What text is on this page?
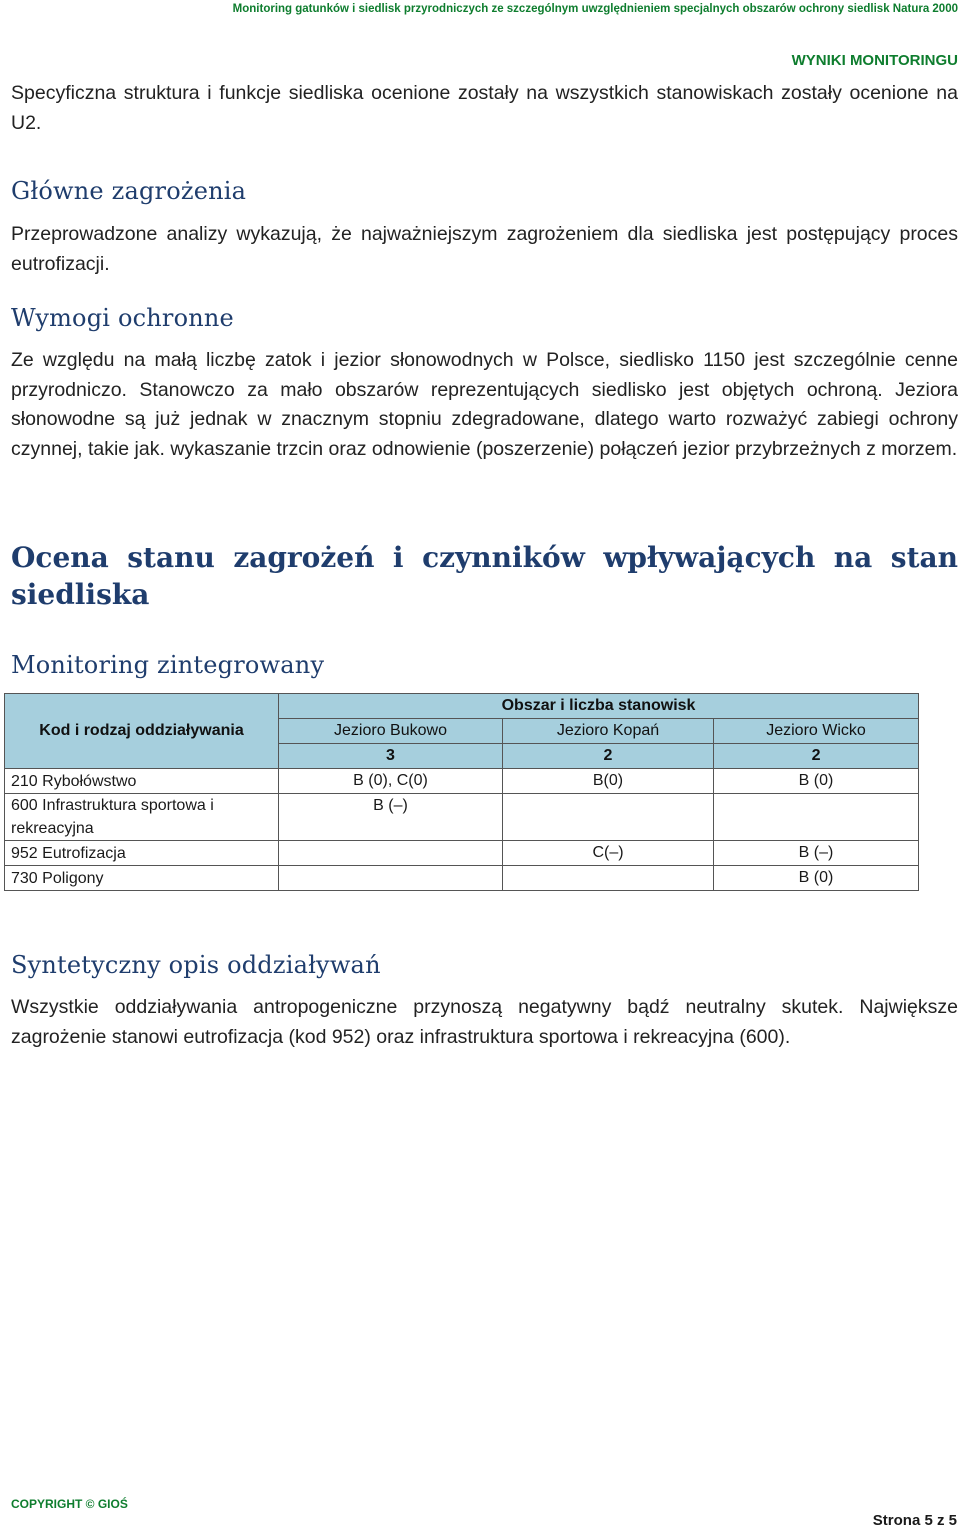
Monitoring gatunków i siedlisk przyrodniczych ze szczególnym uwzględnieniem specjalnych obszarów ochrony siedlisk Natura 2000
WYNIKI MONITORINGU

Specyficzna struktura i funkcje siedliska ocenione zostały na wszystkich stanowiskach zostały ocenione na U2.

Główne zagrożenia

Przeprowadzone analizy wykazują, że najważniejszym zagrożeniem dla siedliska jest postępujący proces eutrofizacji.

Wymogi ochronne

Ze względu na małą liczbę zatok i jezior słonowodnych w Polsce, siedlisko 1150 jest szczególnie cenne przyrodniczo. Stanowczo za mało obszarów reprezentujących siedlisko jest objętych ochroną. Jeziora słonowodne są już jednak w znacznym stopniu zdegradowane, dlatego warto rozważyć zabiegi ochrony czynnej, takie jak. wykaszanie trzcin oraz odnowienie (poszerzenie) połączeń jezior przybrzeżnych z morzem.

Ocena stanu zagrożeń i czynników wpływających na stan
siedliska
Monitoring zintegrowany
Kod i rodzaj oddziaływania	Obszar i liczba stanowisk		
	Jezioro Bukowo	Jezioro Kopań	Jezioro Wicko
	3	2	2
210 Rybołówstwo	B (0), C(0)	B(0)	B (0)
600 Infrastruktura sportowa i rekreacyjna	B (–)		
952 Eutrofizacja		C(–)	B (–)
730 Poligony			B (0)
Syntetyczny opis oddziaływań

Wszystkie oddziaływania antropogeniczne przynoszą negatywny bądź neutralny skutek. Największe zagrożenie stanowi eutrofizacja (kod 952) oraz infrastruktura sportowa i rekreacyjna (600).

COPYRIGHT © GIOŚ
Strona 5 z 5
